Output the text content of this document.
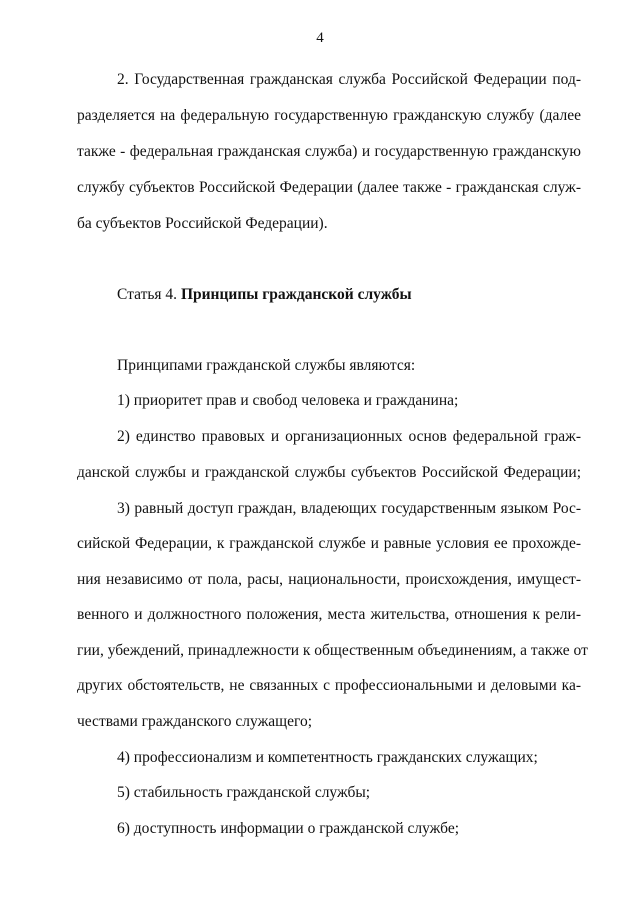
4
2. Государственная гражданская служба Российской Федерации под-
разделяется на федеральную государственную гражданскую службу (далее
также - федеральная гражданская служба) и государственную гражданскую
службу субъектов Российской Федерации (далее также - гражданская служ-
ба субъектов Российской Федерации).
Статья 4. Принципы гражданской службы
Принципами гражданской службы являются:
1) приоритет прав и свобод человека и гражданина;
2) единство правовых и организационных основ федеральной граж-
данской службы и гражданской службы субъектов Российской Федерации;
3) равный доступ граждан, владеющих государственным языком Рос-
сийской Федерации, к гражданской службе и равные условия ее прохожде-
ния независимо от пола, расы, национальности, происхождения, имущест-
венного и должностного положения, места жительства, отношения к рели-
гии, убеждений, принадлежности к общественным объединениям, а также от
других обстоятельств, не связанных с профессиональными и деловыми ка-
чествами гражданского служащего;
4) профессионализм и компетентность гражданских служащих;
5) стабильность гражданской службы;
6) доступность информации о гражданской службе;
